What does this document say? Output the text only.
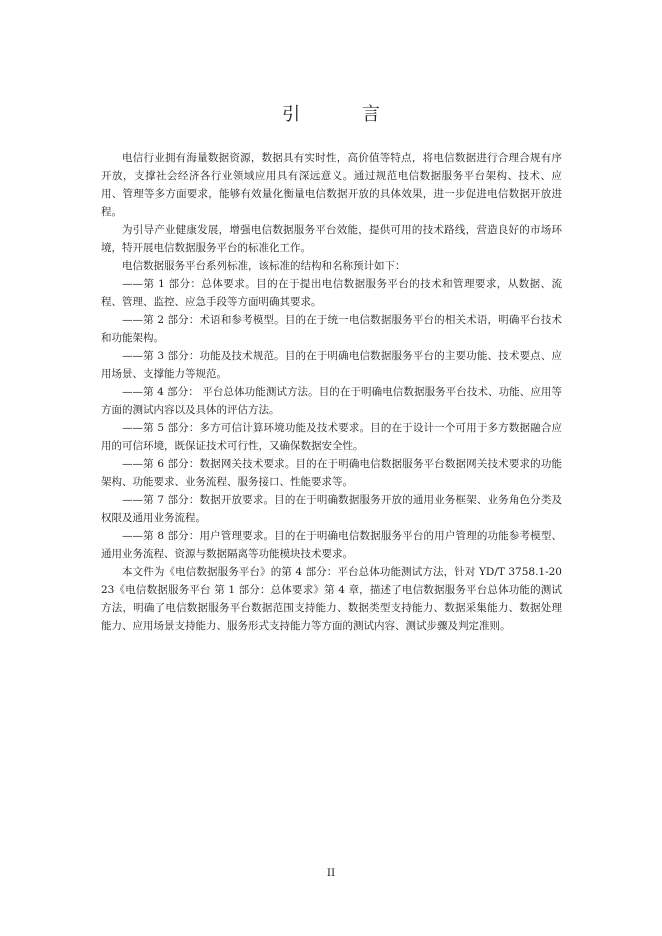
引 言

电信行业拥有海量数据资源，数据具有实时性，高价值等特点，将电信数据进行合理合规有序开放，支撑社会经济各行业领域应用具有深远意义。通过规范电信数据服务平台架构、技术、应用、管理等多方面要求，能够有效量化衡量电信数据开放的具体效果，进一步促进电信数据开放进程。

为引导产业健康发展，增强电信数据服务平台效能，提供可用的技术路线，营造良好的市场环境，特开展电信数据服务平台的标准化工作。

电信数据服务平台系列标准，该标准的结构和名称预计如下：

——第 1 部分：总体要求。目的在于提出电信数据服务平台的技术和管理要求，从数据、流程、管理、监控、应急手段等方面明确其要求。

——第 2 部分：术语和参考模型。目的在于统一电信数据服务平台的相关术语，明确平台技术和功能架构。

——第 3 部分：功能及技术规范。目的在于明确电信数据服务平台的主要功能、技术要点、应用场景、支撑能力等规范。

——第 4 部分： 平台总体功能测试方法。目的在于明确电信数据服务平台技术、功能、应用等方面的测试内容以及具体的评估方法。

——第 5 部分：多方可信计算环境功能及技术要求。目的在于设计一个可用于多方数据融合应用的可信环境，既保证技术可行性，又确保数据安全性。

——第 6 部分：数据网关技术要求。目的在于明确电信数据服务平台数据网关技术要求的功能架构、功能要求、业务流程、服务接口、性能要求等。

——第 7 部分：数据开放要求。目的在于明确数据服务开放的通用业务框架、业务角色分类及权限及通用业务流程。

——第 8 部分：用户管理要求。目的在于明确电信数据服务平台的用户管理的功能参考模型、通用业务流程、资源与数据隔离等功能模块技术要求。

本文件为《电信数据服务平台》的第 4 部分：平台总体功能测试方法，针对 YD/T 3758.1-2023《电信数据服务平台 第 1 部分：总体要求》第 4 章，描述了电信数据服务平台总体功能的测试方法，明确了电信数据服务平台数据范围支持能力、数据类型支持能力、数据采集能力、数据处理能力、应用场景支持能力、服务形式支持能力等方面的测试内容、测试步骤及判定准则。

II
